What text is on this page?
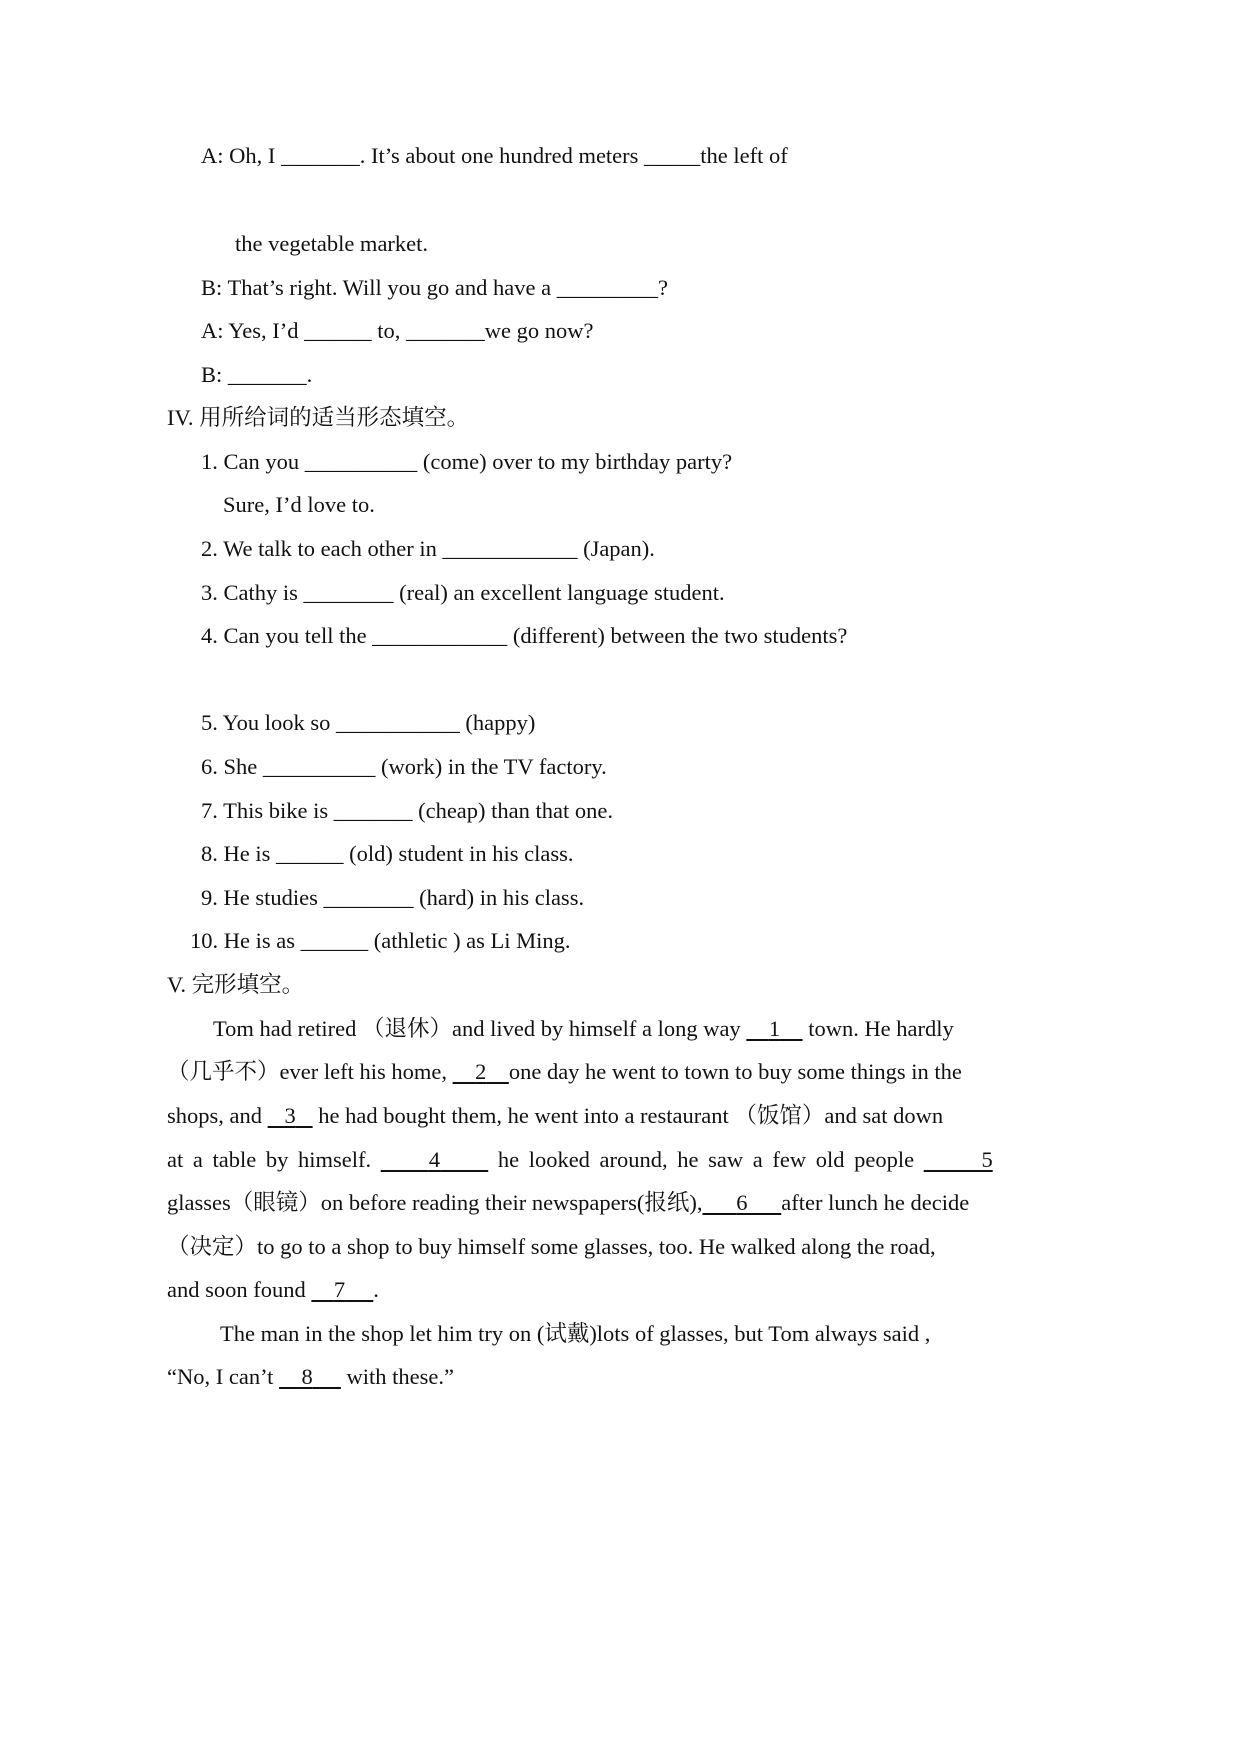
A: Oh, I _______. It’s about one hundred meters _____the left of
the vegetable market.
B: That’s right. Will you go and have a _________?
A: Yes, I’d ______ to, _______we go now?
B: _______.
IV. 用所给词的适当形态填空。
1. Can you __________ (come) over to my birthday party?
Sure, I’d love to.
2. We talk to each other in ____________ (Japan).
3. Cathy is ________ (real) an excellent language student.
4. Can you tell the ____________ (different) between the two students?
5. You look so ___________ (happy)
6. She __________ (work) in the TV factory.
7. This bike is _______ (cheap) than that one.
8. He is ______ (old) student in his class.
9. He studies ________ (hard) in his class.
10. He is as ______ (athletic ) as Li Ming.
V. 完形填空。
Tom had retired （退休）and lived by himself a long way     1     town. He hardly
（几乎不）ever left his home,     2 one day he went to town to buy some things in the
shops, and    3    he had bought them, he went into a restaurant （饭馆）and sat down
at a table by himself.      4      he looked around, he saw a few old people	5
glasses（眼镜）on before reading their newspapers(报纸), 6 after lunch he decide
（决定）to go to a shop to buy himself some glasses, too. He walked along the road,
and soon found     7 .
The man in the shop let him try on (试戴)lots of glasses, but Tom always said ,
“No, I can’t     8      with these.”
